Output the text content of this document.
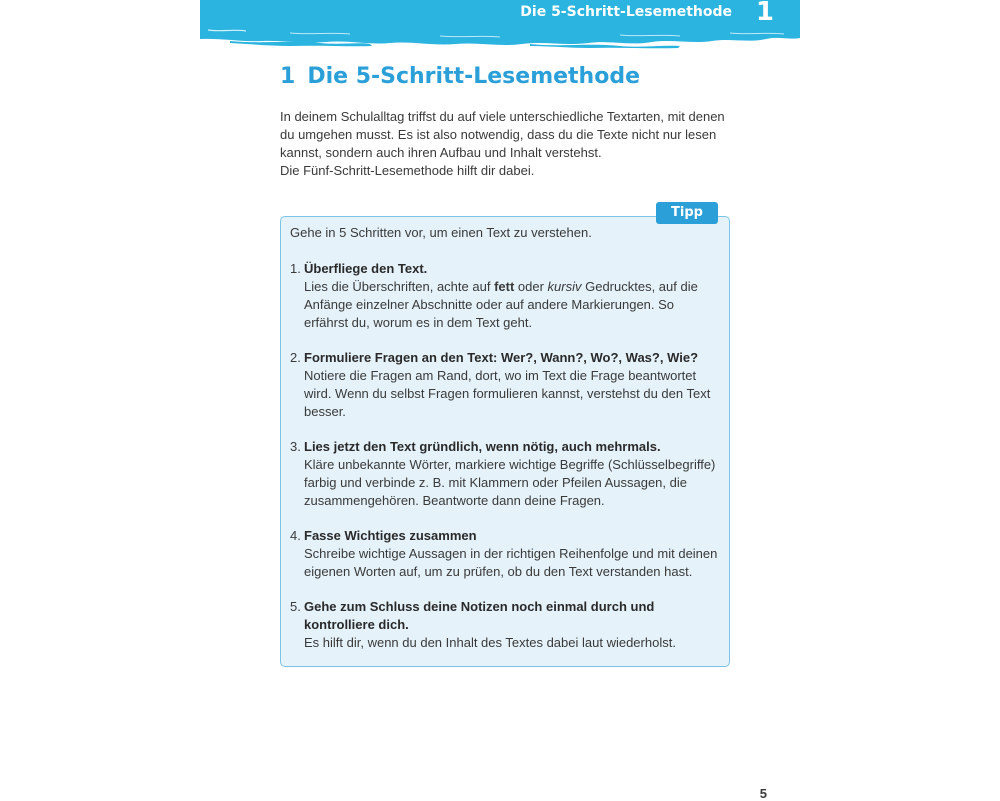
Die 5-Schritt-Lesemethode 1
1 Die 5-Schritt-Lesemethode

In deinem Schulalltag triffst du auf viele unterschiedliche Textarten, mit denen

du umgehen musst. Es ist also notwendig, dass du die Texte nicht nur lesen

kannst, sondern auch ihren Aufbau und Inhalt verstehst.

Die Fünf-Schritt-Lesemethode hilft dir dabei.

Tipp

Gehe in 5 Schritten vor, um einen Text zu verstehen.

1. Überfliege den Text.
Lies die Überschriften, achte auf fett oder kursiv Gedrucktes, auf die Anfänge einzelner Abschnitte oder auf andere Markierungen. So erfährst du, worum es in dem Text geht.
2. Formuliere Fragen an den Text: Wer?, Wann?, Wo?, Was?, Wie?
Notiere die Fragen am Rand, dort, wo im Text die Frage beantwortet wird. Wenn du selbst Fragen formulieren kannst, verstehst du den Text besser.
3. Lies jetzt den Text gründlich, wenn nötig, auch mehrmals.
Kläre unbekannte Wörter, markiere wichtige Begriffe (Schlüsselbegriffe) farbig und verbinde z. B. mit Klammern oder Pfeilen Aussagen, die zusammengehören. Beantworte dann deine Fragen.
4. Fasse Wichtiges zusammen
Schreibe wichtige Aussagen in der richtigen Reihenfolge und mit deinen eigenen Worten auf, um zu prüfen, ob du den Text verstanden hast.
5. Gehe zum Schluss deine Notizen noch einmal durch und kontrolliere dich.
Es hilft dir, wenn du den Inhalt des Textes dabei laut wiederholst.
5
